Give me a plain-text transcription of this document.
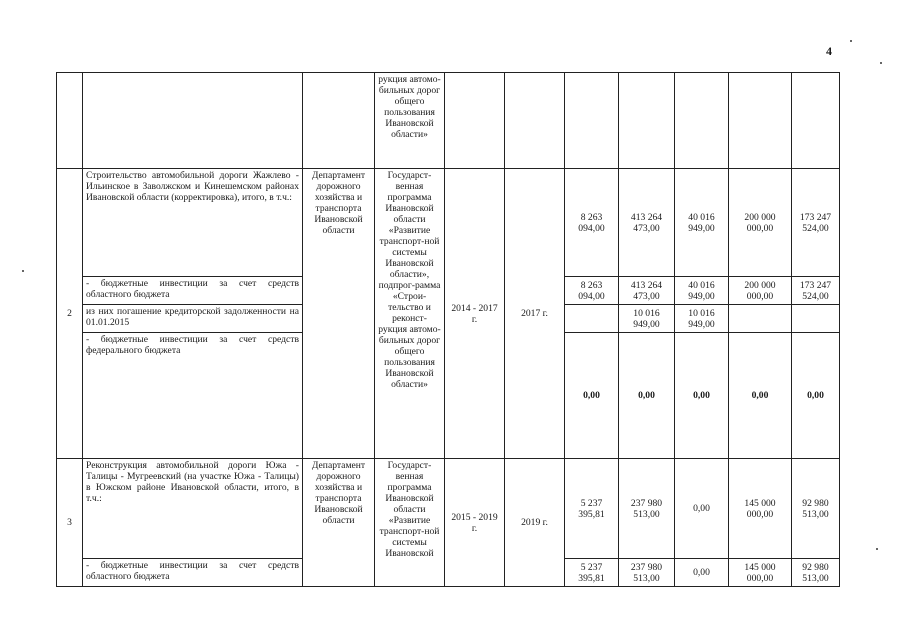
4
			рукция автомо-бильных дорог общего пользования Ивановской области»							
2	Строительство автомобильной дороги Жажлево - Ильинское в Заволжском и Кинешемском районах Ивановской области (корректировка), итого, в т.ч.:	Департамент дорожного хозяйства и транспорта Ивановской области	Государст-венная программа Ивановской области «Развитие транспорт-ной системы Ивановской области», подпрог-рамма «Строи-тельство и реконст-рукция автомо-бильных дорог общего пользования Ивановской области»	2014 - 2017 г.	2017 г.	8 263 094,00	413 264 473,00	40 016 949,00	200 000 000,00	173 247 524,00
	- бюджетные инвестиции за счет средств областного бюджета					8 263 094,00	413 264 473,00	40 016 949,00	200 000 000,00	173 247 524,00
	из них погашение кредиторской задолженности на 01.01.2015						10 016 949,00	10 016 949,00		
	- бюджетные инвестиции за счет средств федерального бюджета					0,00	0,00	0,00	0,00	0,00
3	Реконструкция автомобильной дороги Южа - Талицы - Мугреевский (на участке Южа - Талицы) в Южском районе Ивановской области, итого, в т.ч.:	Департамент дорожного хозяйства и транспорта Ивановской области	Государст-венная программа Ивановской области «Развитие транспорт-ной системы Ивановской	2015 - 2019 г.	2019 г.	5 237 395,81	237 980 513,00	0,00	145 000 000,00	92 980 513,00
	- бюджетные инвестиции за счет средств областного бюджета					5 237 395,81	237 980 513,00	0,00	145 000 000,00	92 980 513,00
